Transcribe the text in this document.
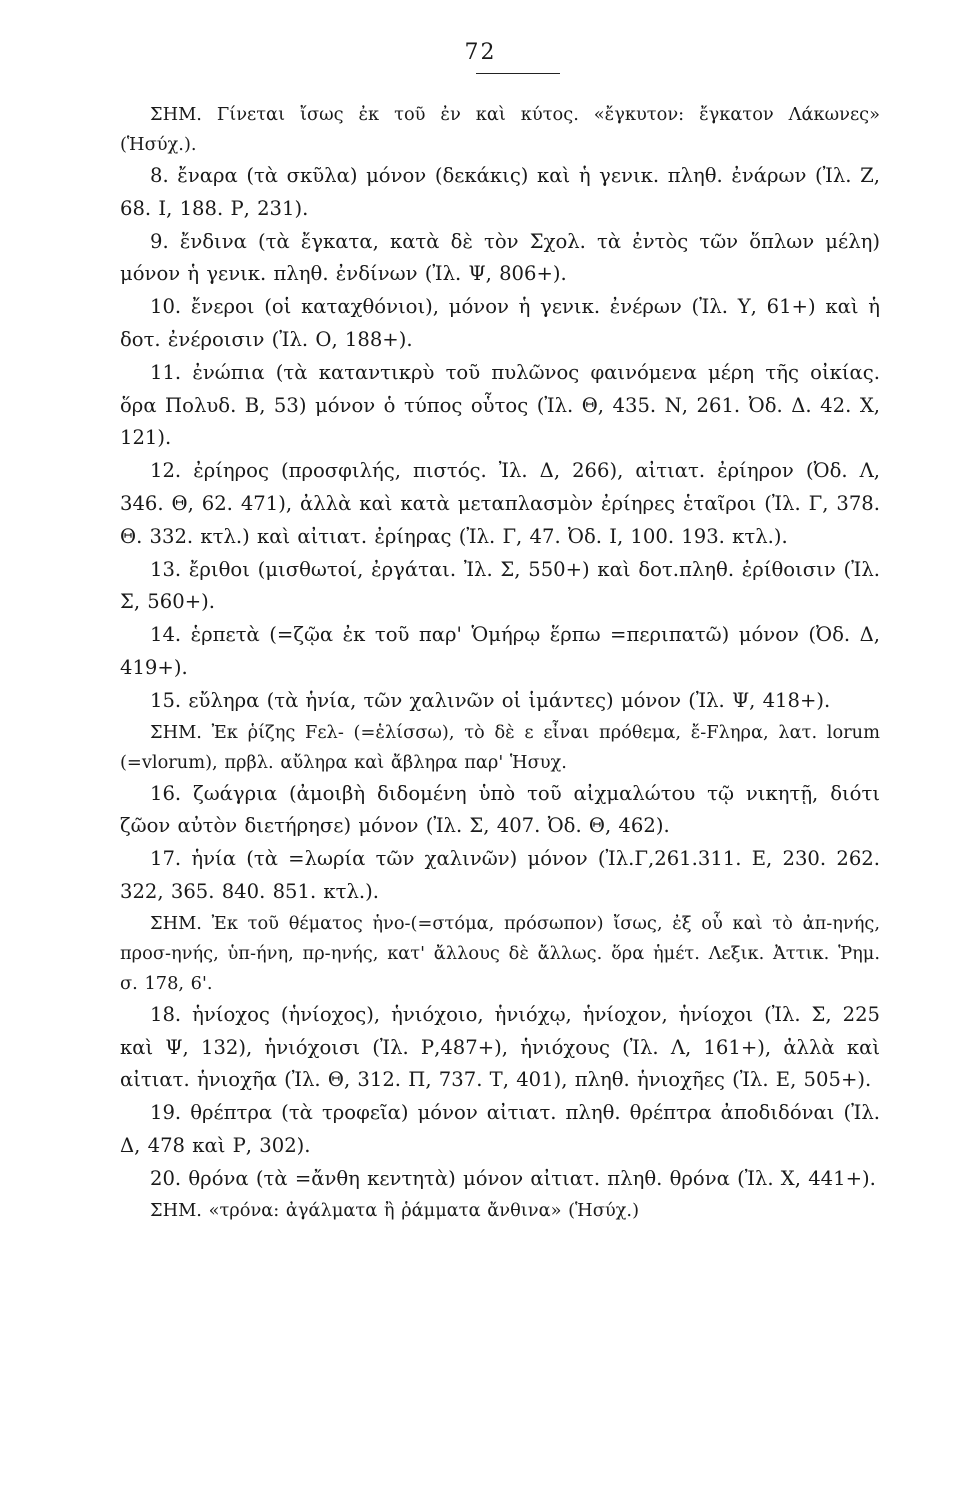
72

ΣΗΜ. Γίνεται ἴσως ἐκ τοῦ ἐν καὶ κύτος. «ἔγκυτον: ἔγκατον Λάκωνες» (Ἡσύχ.).

8. ἔναρα (τὰ σκῦλα) μόνον (δεκάκις) καὶ ἡ γενικ. πληθ. ἐνάρων (Ἰλ. Ζ, 68. Ι, 188. Ρ, 231).

9. ἔνδινα (τὰ ἔγκατα, κατὰ δὲ τὸν Σχολ. τὰ ἐντὸς τῶν ὅπλων μέλη) μόνον ἡ γενικ. πληθ. ἐνδίνων (Ἰλ. Ψ, 806+).

10. ἔνεροι (οἱ καταχθόνιοι), μόνον ἡ γενικ. ἐνέρων (Ἰλ. Υ, 61+) καὶ ἡ δοτ. ἐνέροισιν (Ἰλ. Ο, 188+).

11. ἐνώπια (τὰ καταντικρὺ τοῦ πυλῶνος φαινόμενα μέρη τῆς οἰκίας. ὅρα Πολυδ. Β, 53) μόνον ὁ τύπος οὗτος (Ἰλ. Θ, 435. Ν, 261. Ὀδ. Δ. 42. Χ, 121).

12. ἐρίηρος (προσφιλής, πιστός. Ἰλ. Δ, 266), αἰτιατ. ἐρίηρον (Ὀδ. Λ, 346. Θ, 62. 471), ἀλλὰ καὶ κατὰ μεταπλασμὸν ἐρίηρες ἑταῖροι (Ἰλ. Γ, 378. Θ. 332. κτλ.) καὶ αἰτιατ. ἐρίηρας (Ἰλ. Γ, 47. Ὀδ. Ι, 100. 193. κτλ.).

13. ἔριθοι (μισθωτοί, ἐργάται. Ἰλ. Σ, 550+) καὶ δοτ.πληθ. ἐρίθοισιν (Ἰλ. Σ, 560+).

14. ἑρπετὰ (=ζῷα ἐκ τοῦ παρ' Ὁμήρῳ ἕρπω =περιπατῶ) μόνον (Ὀδ. Δ, 419+).

15. εὔληρα (τὰ ἡνία, τῶν χαλινῶν οἱ ἱμάντες) μόνον (Ἰλ. Ψ, 418+).

ΣΗΜ. Ἐκ ῥίζης Fελ- (=ἑλίσσω), τὸ δὲ ε εἶναι πρόθεμα, ἔ-Fληρα, λατ. lorum (=vlorum), πρβλ. αὔληρα καὶ ἄβληρα παρ' Ἡσυχ.

16. ζωάγρια (ἀμοιβὴ διδομένη ὑπὸ τοῦ αἰχμαλώτου τῷ νικητῇ, διότι ζῶον αὐτὸν διετήρησε) μόνον (Ἰλ. Σ, 407. Ὀδ. Θ, 462).

17. ἡνία (τὰ =λωρία τῶν χαλινῶν) μόνον (Ἰλ.Γ,261.311. Ε, 230. 262. 322, 365. 840. 851. κτλ.).

ΣΗΜ. Ἐκ τοῦ θέματος ἡνο-(=στόμα, πρόσωπον) ἴσως, ἐξ οὗ καὶ τὸ ἀπ-ηνής, προσ-ηνής, ὑπ-ήνη, πρ-ηνής, κατ' ἄλλους δὲ ἄλλως. ὅρα ἡμέτ. Λεξικ. Ἀττικ. Ῥημ. σ. 178, 6'.

18. ἡνίοχος (ἡνίοχος), ἡνιόχοιο, ἡνιόχῳ, ἡνίοχον, ἡνίοχοι (Ἰλ. Σ, 225 καὶ Ψ, 132), ἡνιόχοισι (Ἰλ. Ρ,487+), ἡνιόχους (Ἰλ. Λ, 161+), ἀλλὰ καὶ αἰτιατ. ἡνιοχῆα (Ἰλ. Θ, 312. Π, 737. Τ, 401), πληθ. ἡνιοχῆες (Ἰλ. Ε, 505+).

19. θρέπτρα (τὰ τροφεῖα) μόνον αἰτιατ. πληθ. θρέπτρα ἀποδιδόναι (Ἰλ. Δ, 478 καὶ Ρ, 302).

20. θρόνα (τὰ =ἄνθη κεντητὰ) μόνον αἰτιατ. πληθ. θρόνα (Ἰλ. Χ, 441+).

ΣΗΜ. «τρόνα: ἀγάλματα ἢ ῥάμματα ἄνθινα» (Ἡσύχ.)
